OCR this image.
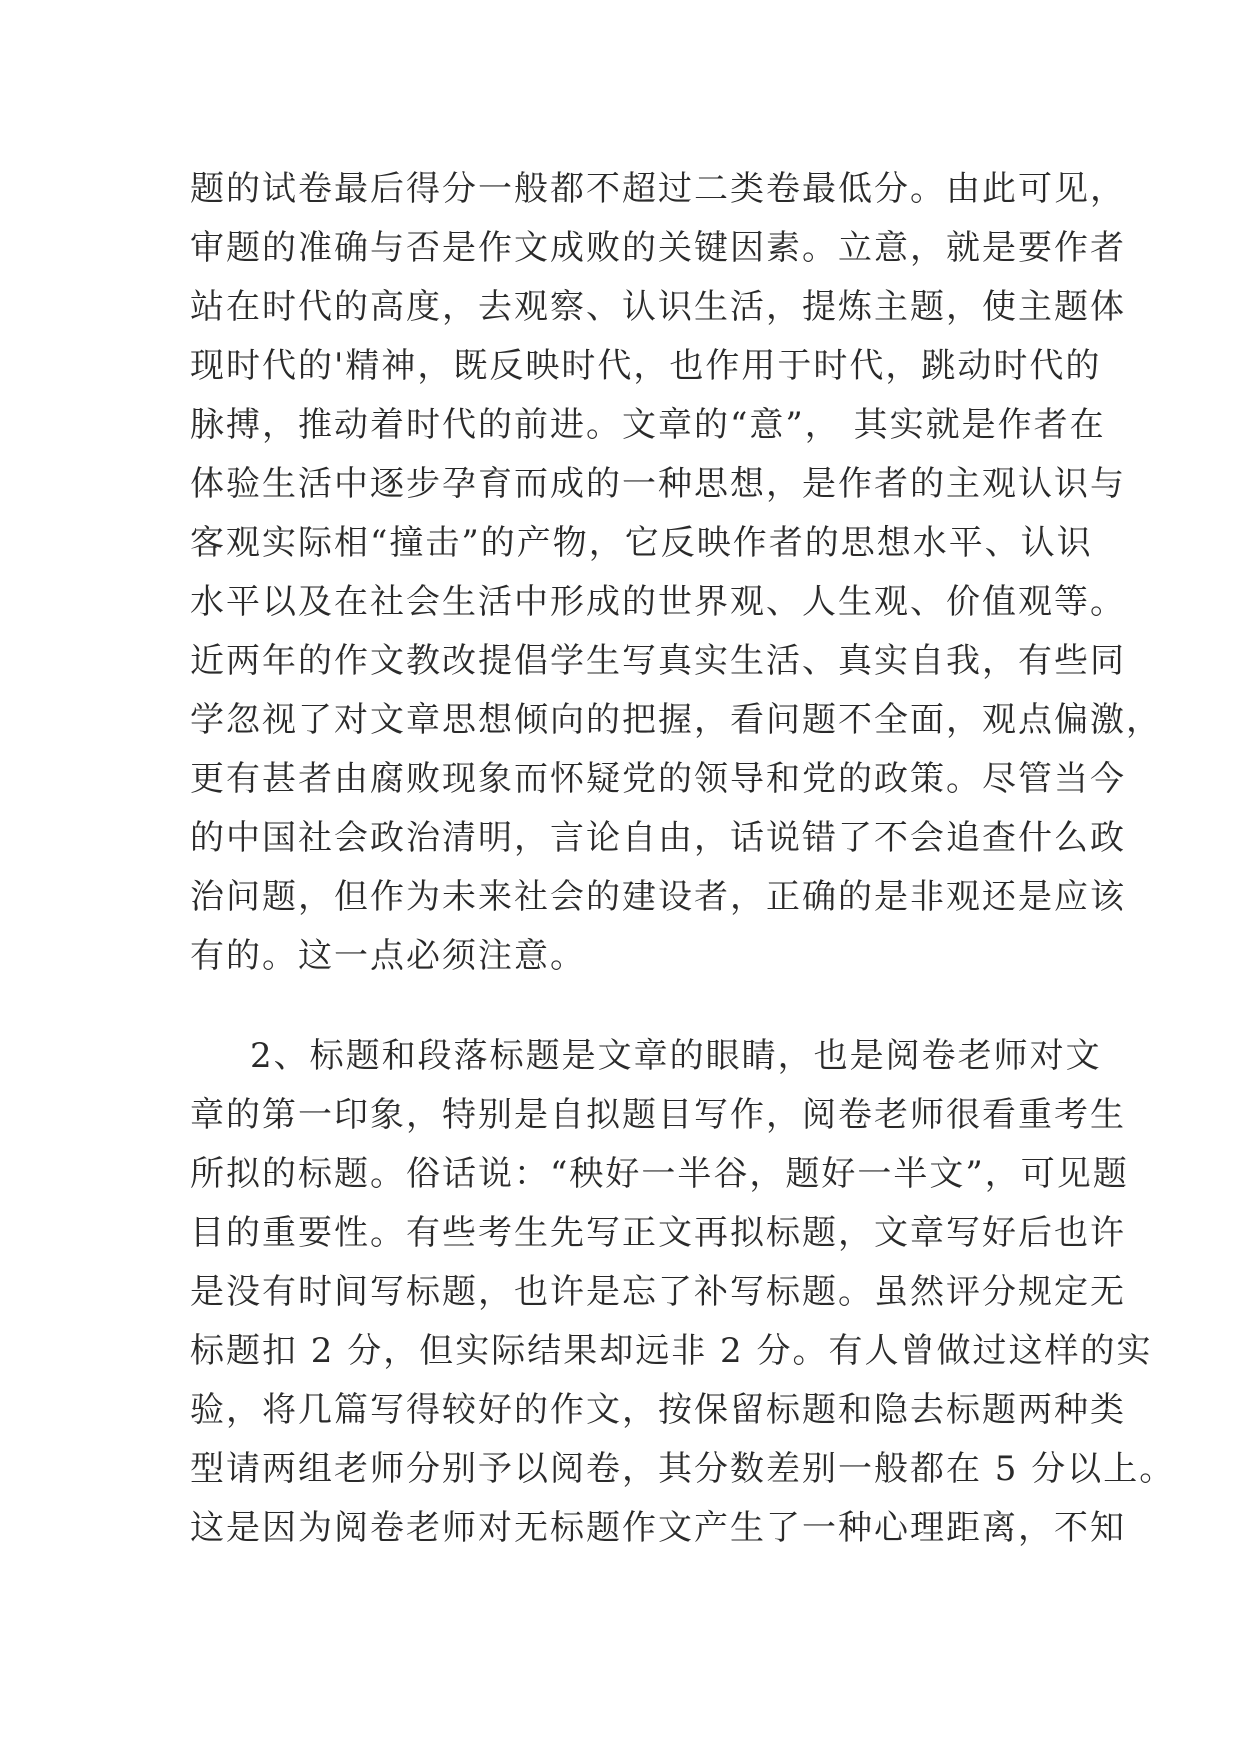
题的试卷最后得分一般都不超过二类卷最低分。由此可见，
审题的准确与否是作文成败的关键因素。立意，就是要作者
站在时代的高度，去观察、认识生活，提炼主题，使主题体
现时代的'精神，既反映时代，也作用于时代，跳动时代的
脉搏，推动着时代的前进。文章的“意”， 其实就是作者在
体验生活中逐步孕育而成的一种思想，是作者的主观认识与
客观实际相“撞击”的产物，它反映作者的思想水平、认识
水平以及在社会生活中形成的世界观、人生观、价值观等。
近两年的作文教改提倡学生写真实生活、真实自我，有些同
学忽视了对文章思想倾向的把握，看问题不全面，观点偏激，
更有甚者由腐败现象而怀疑党的领导和党的政策。尽管当今
的中国社会政治清明，言论自由，话说错了不会追查什么政
治问题，但作为未来社会的建设者，正确的是非观还是应该
有的。这一点必须注意。
2、标题和段落标题是文章的眼睛，也是阅卷老师对文
章的第一印象，特别是自拟题目写作，阅卷老师很看重考生
所拟的标题。俗话说：“秧好一半谷，题好一半文”，可见题
目的重要性。有些考生先写正文再拟标题，文章写好后也许
是没有时间写标题，也许是忘了补写标题。虽然评分规定无
标题扣 2 分，但实际结果却远非 2 分。有人曾做过这样的实
验，将几篇写得较好的作文，按保留标题和隐去标题两种类
型请两组老师分别予以阅卷，其分数差别一般都在 5 分以上。
这是因为阅卷老师对无标题作文产生了一种心理距离，不知
